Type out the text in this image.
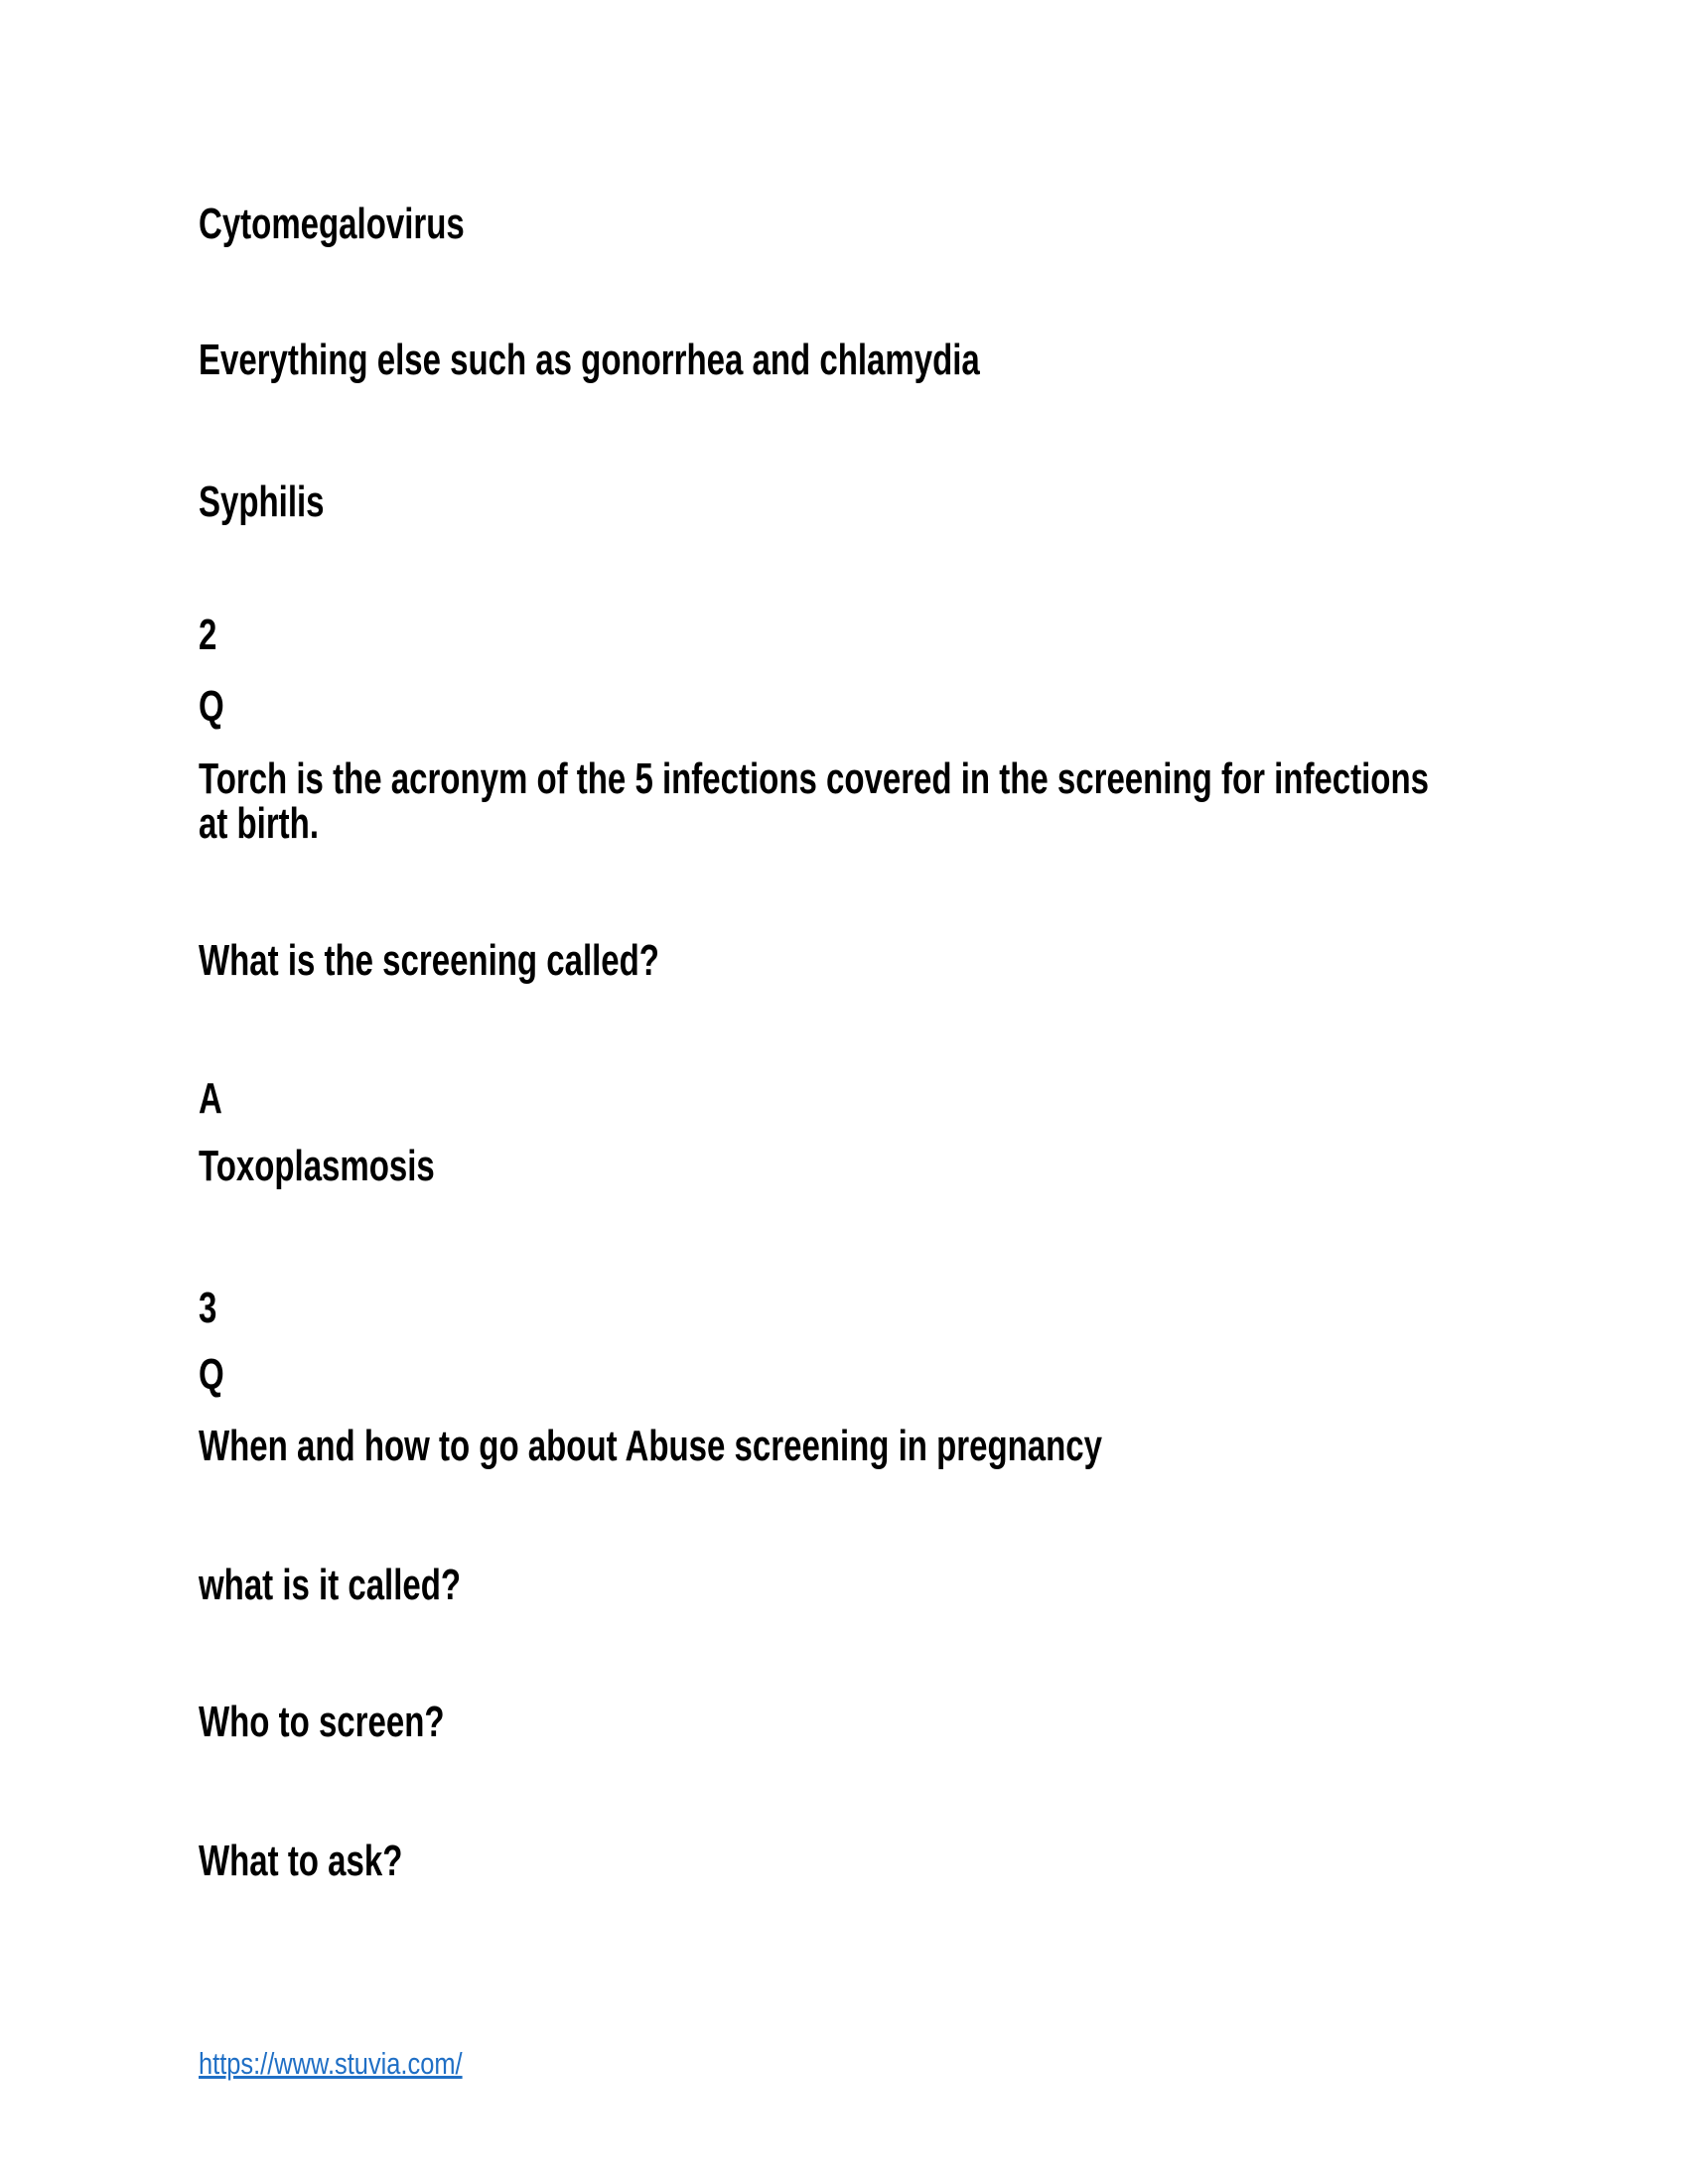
Cytomegalovirus
Everything else such as gonorrhea and chlamydia
Syphilis
2
Q
Torch is the acronym of the 5 infections covered in the screening for infections
at birth.
What is the screening called?
A
Toxoplasmosis
3
Q
When and how to go about Abuse screening in pregnancy
what is it called?
Who to screen?
What to ask?
https://www.stuvia.com/
